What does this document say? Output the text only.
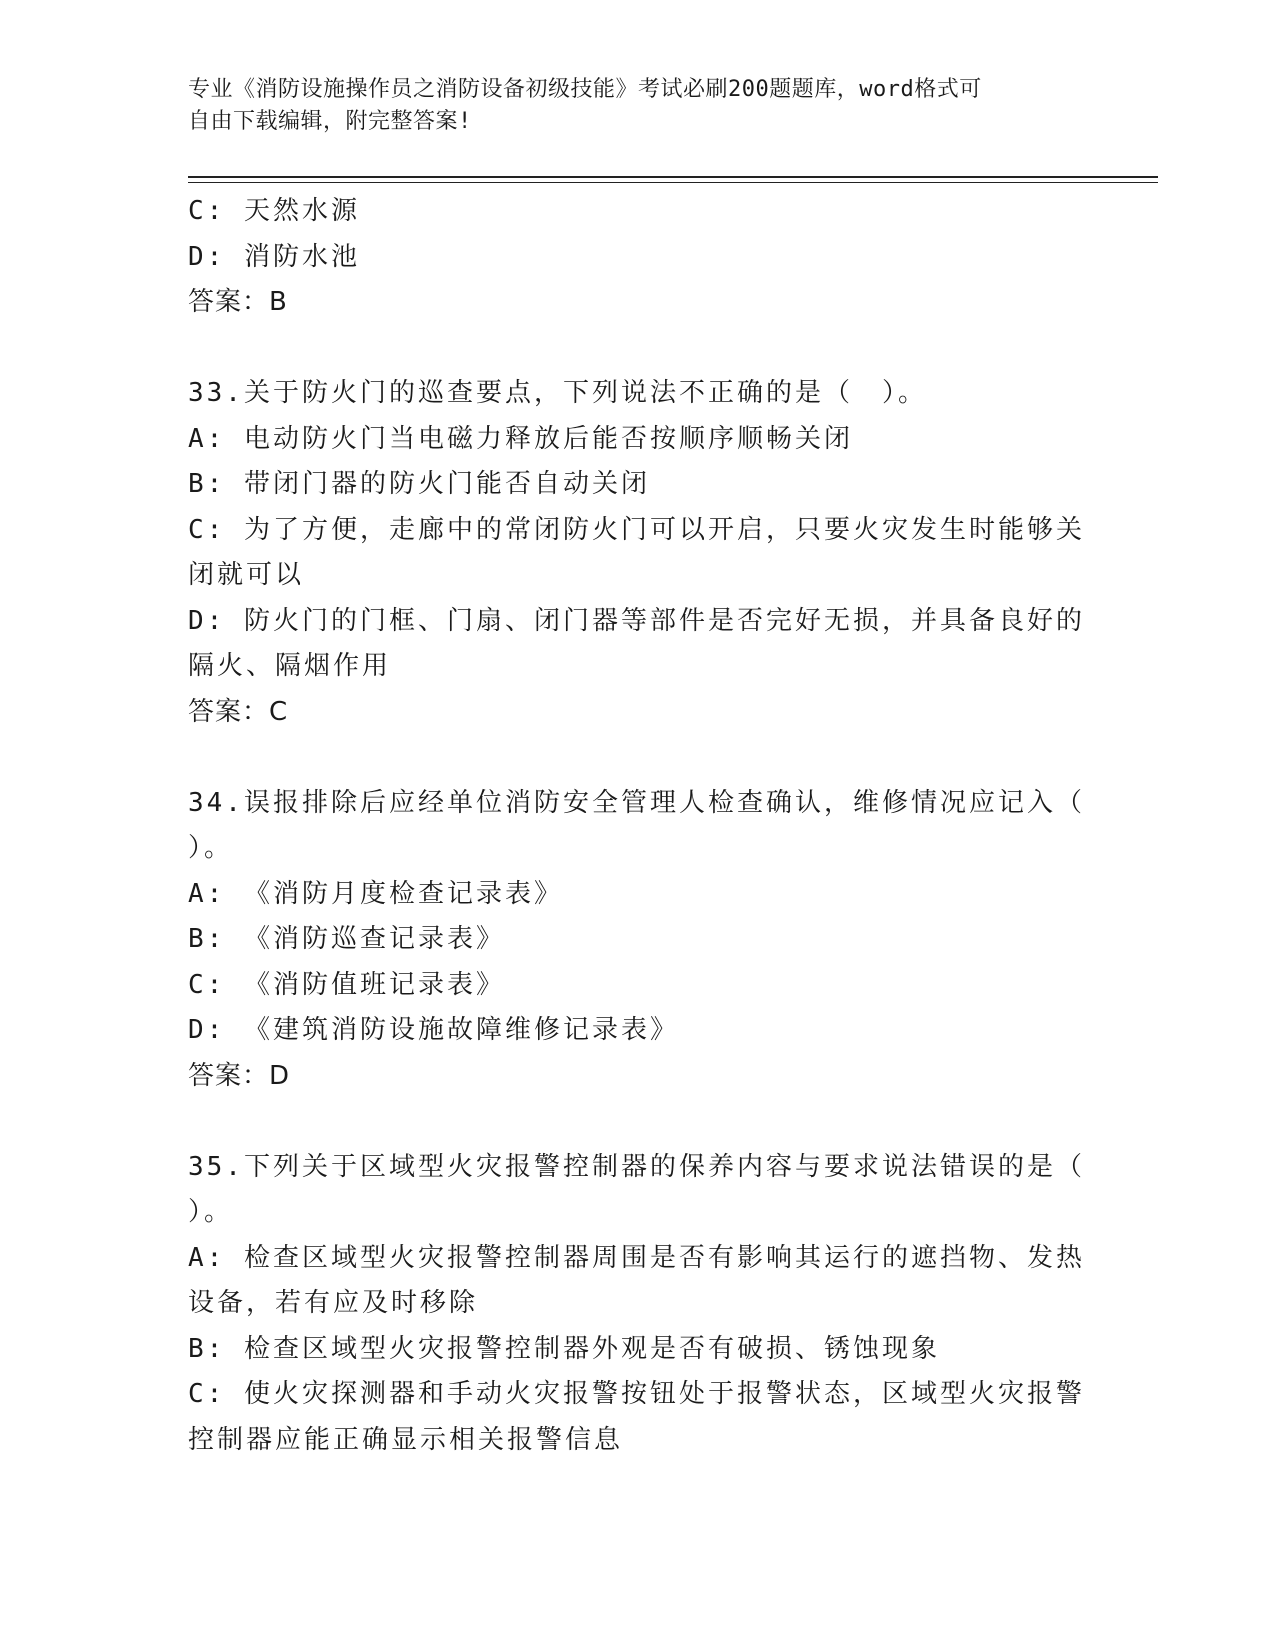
专业《消防设施操作员之消防设备初级技能》考试必刷200题题库，word格式可
自由下载编辑，附完整答案!
C: 天然水源
D: 消防水池
答案：B
33.关于防火门的巡查要点，下列说法不正确的是（　）。
A: 电动防火门当电磁力释放后能否按顺序顺畅关闭
B: 带闭门器的防火门能否自动关闭
C: 为了方便，走廊中的常闭防火门可以开启，只要火灾发生时能够关
闭就可以
D: 防火门的门框、门扇、闭门器等部件是否完好无损，并具备良好的
隔火、隔烟作用
答案：C
34.误报排除后应经单位消防安全管理人检查确认，维修情况应记入（
）。
A: 《消防月度检查记录表》
B: 《消防巡查记录表》
C: 《消防值班记录表》
D: 《建筑消防设施故障维修记录表》
答案：D
35.下列关于区域型火灾报警控制器的保养内容与要求说法错误的是（
）。
A: 检查区域型火灾报警控制器周围是否有影响其运行的遮挡物、发热
设备，若有应及时移除
B: 检查区域型火灾报警控制器外观是否有破损、锈蚀现象
C: 使火灾探测器和手动火灾报警按钮处于报警状态，区域型火灾报警
控制器应能正确显示相关报警信息
